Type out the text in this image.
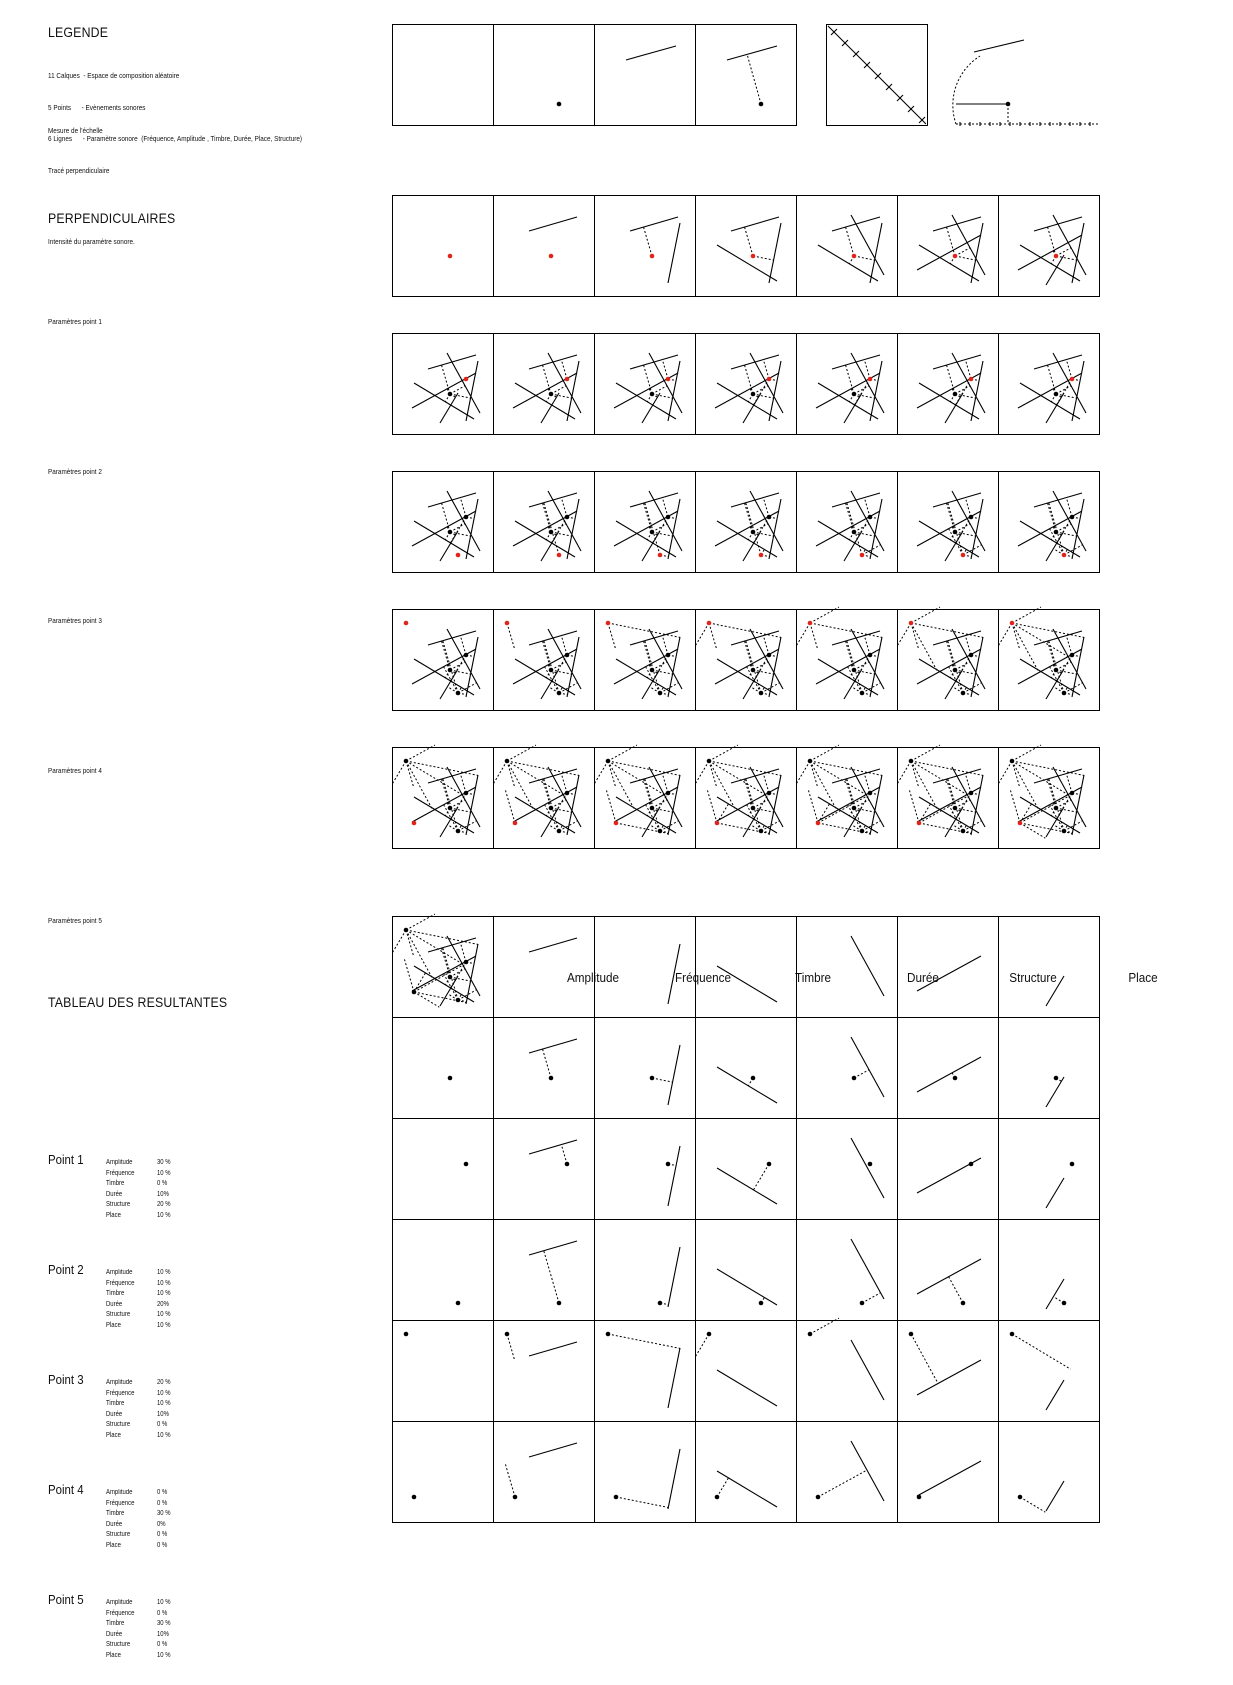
LEGENDE

11 Calques  - Espace de composition aléatoire

5 Points      - Evènements sonores

6 Lignes      - Paramètre sonore  (Fréquence, Amplitude , Timbre, Durée, Place, Structure)

Tracé perpendiculaire

Mesure de l'échelle
PERPENDICULAIRES
Intensité du paramètre sonore.
Paramètres point 1
Paramètres point 2
Paramètres point 3
Paramètres point 4
Paramètres point 5
TABLEAU DES RESULTANTES
Amplitude	Fréquence	Timbre	Durée	Structure	Place
Point 1	Amplitude	30 %
Fréquence	10 %
Timbre	0 %
Durée	10%
Structure	20 %
Place	10 %
Point 2	Amplitude	10 %
Fréquence	10 %
Timbre	10 %
Durée	20%
Structure	10 %
Place	10 %
Point 3	Amplitude	20 %
Fréquence	10 %
Timbre	10 %
Durée	10%
Structure	0 %
Place	10 %
Point 4	Amplitude	0 %
Fréquence	0 %
Timbre	30 %
Durée	0%
Structure	0 %
Place	0 %
Point 5	Amplitude	10 %
Fréquence	0 %
Timbre	30 %
Durée	10%
Structure	0 %
Place	10 %
